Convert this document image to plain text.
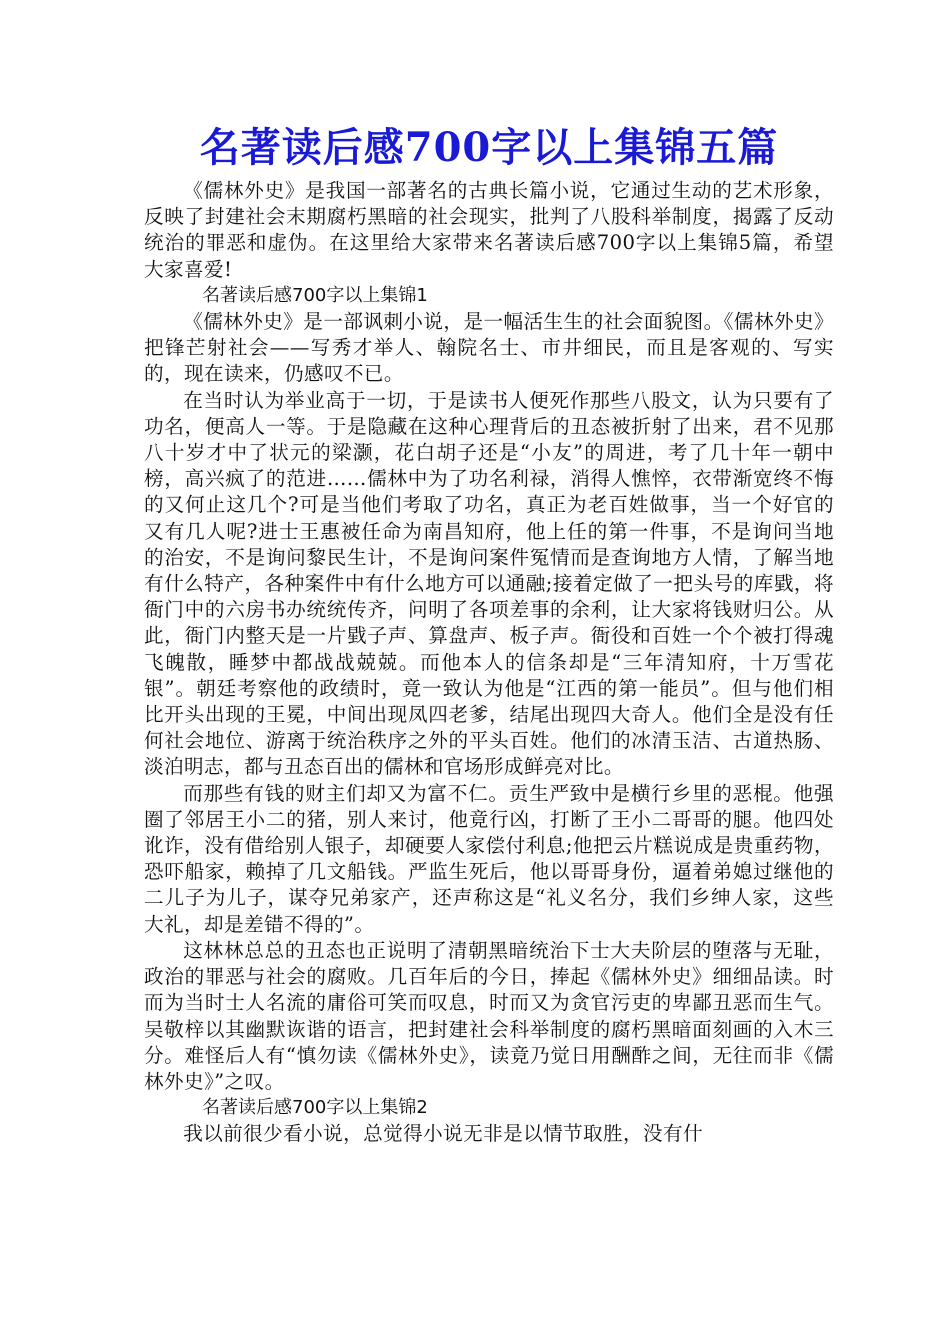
名著读后感700字以上集锦五篇

《儒林外史》是我国一部著名的古典长篇小说，它通过生动的艺术形象，反映了封建社会末期腐朽黑暗的社会现实，批判了八股科举制度，揭露了反动统治的罪恶和虚伪。在这里给大家带来名著读后感700字以上集锦5篇，希望大家喜爱!

名著读后感700字以上集锦1

《儒林外史》是一部讽刺小说，是一幅活生生的社会面貌图。《儒林外史》把锋芒射社会——写秀才举人、翰院名士、市井细民，而且是客观的、写实的，现在读来，仍感叹不已。

在当时认为举业高于一切，于是读书人便死作那些八股文，认为只要有了功名，便高人一等。于是隐藏在这种心理背后的丑态被折射了出来，君不见那八十岁才中了状元的梁灏，花白胡子还是“小友”的周进，考了几十年一朝中榜，高兴疯了的范进……儒林中为了功名利禄，消得人憔悴，衣带渐宽终不悔的又何止这几个?可是当他们考取了功名，真正为老百姓做事，当一个好官的又有几人呢?进士王惠被任命为南昌知府，他上任的第一件事，不是询问当地的治安，不是询问黎民生计，不是询问案件冤情而是查询地方人情，了解当地有什么特产，各种案件中有什么地方可以通融;接着定做了一把头号的库戥，将衙门中的六房书办统统传齐，问明了各项差事的余利，让大家将钱财归公。从此，衙门内整天是一片戥子声、算盘声、板子声。衙役和百姓一个个被打得魂飞魄散，睡梦中都战战兢兢。而他本人的信条却是“三年清知府，十万雪花银”。朝廷考察他的政绩时，竟一致认为他是“江西的第一能员”。但与他们相比开头出现的王冕，中间出现凤四老爹，结尾出现四大奇人。他们全是没有任何社会地位、游离于统治秩序之外的平头百姓。他们的冰清玉洁、古道热肠、淡泊明志，都与丑态百出的儒林和官场形成鲜亮对比。

而那些有钱的财主们却又为富不仁。贡生严致中是横行乡里的恶棍。他强圈了邻居王小二的猪，别人来讨，他竟行凶，打断了王小二哥哥的腿。他四处讹诈，没有借给别人银子，却硬要人家偿付利息;他把云片糕说成是贵重药物，恐吓船家，赖掉了几文船钱。严监生死后，他以哥哥身份，逼着弟媳过继他的二儿子为儿子，谋夺兄弟家产，还声称这是“礼义名分，我们乡绅人家，这些大礼，却是差错不得的”。

这林林总总的丑态也正说明了清朝黑暗统治下士大夫阶层的堕落与无耻，政治的罪恶与社会的腐败。几百年后的今日，捧起《儒林外史》细细品读。时而为当时士人名流的庸俗可笑而叹息，时而又为贪官污吏的卑鄙丑恶而生气。吴敬梓以其幽默诙谐的语言，把封建社会科举制度的腐朽黑暗面刻画的入木三分。难怪后人有“慎勿读《儒林外史》，读竟乃觉日用酬酢之间，无往而非《儒林外史》”之叹。

名著读后感700字以上集锦2

我以前很少看小说，总觉得小说无非是以情节取胜，没有什
